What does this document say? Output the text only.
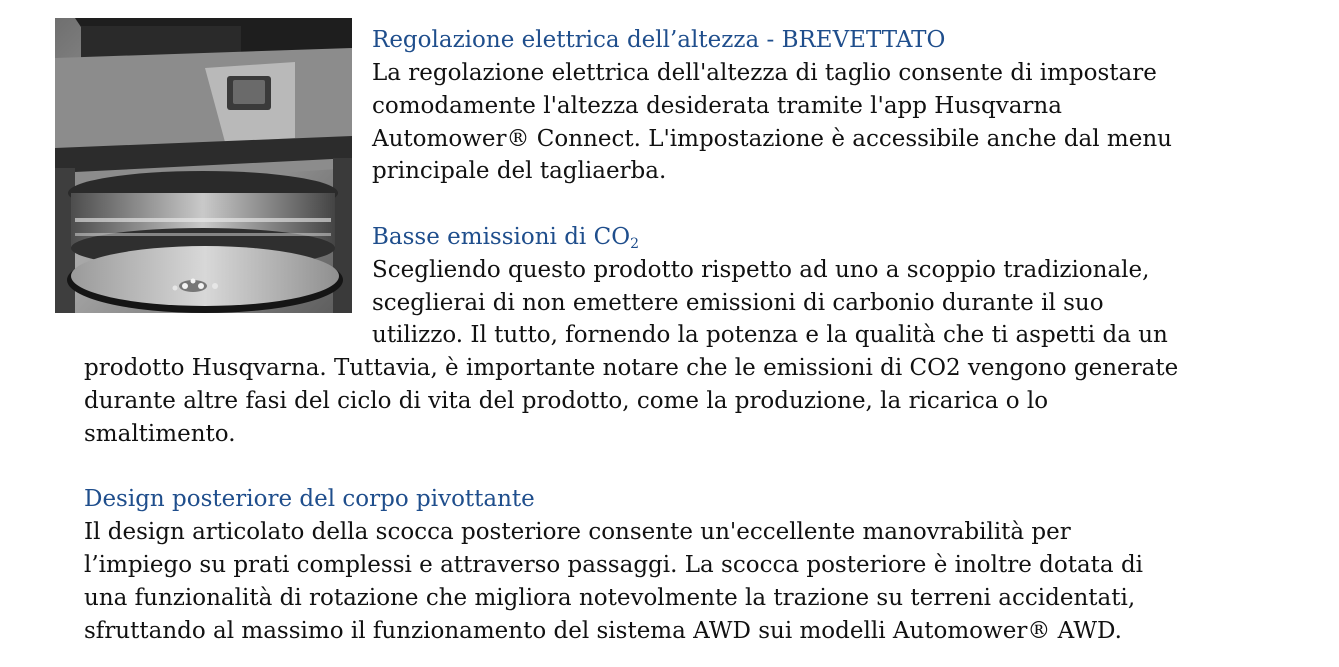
Regolazione elettrica dell’altezza - BREVETTATO
La regolazione elettrica dell'altezza di taglio consente di impostare
comodamente l'altezza desiderata tramite l'app Husqvarna
Automower® Connect. L'impostazione è accessibile anche dal menu
principale del tagliaerba.
Basse emissioni di CO2
Scegliendo questo prodotto rispetto ad uno a scoppio tradizionale,
sceglierai di non emettere emissioni di carbonio durante il suo
utilizzo. Il tutto, fornendo la potenza e la qualità che ti aspetti da un
prodotto Husqvarna. Tuttavia, è importante notare che le emissioni di CO2 vengono generate
durante altre fasi del ciclo di vita del prodotto, come la produzione, la ricarica o lo
smaltimento.
Design posteriore del corpo pivottante
Il design articolato della scocca posteriore consente un'eccellente manovrabilità per
l’impiego su prati complessi e attraverso passaggi. La scocca posteriore è inoltre dotata di
una funzionalità di rotazione che migliora notevolmente la trazione su terreni accidentati,
sfruttando al massimo il funzionamento del sistema AWD sui modelli Automower® AWD.
